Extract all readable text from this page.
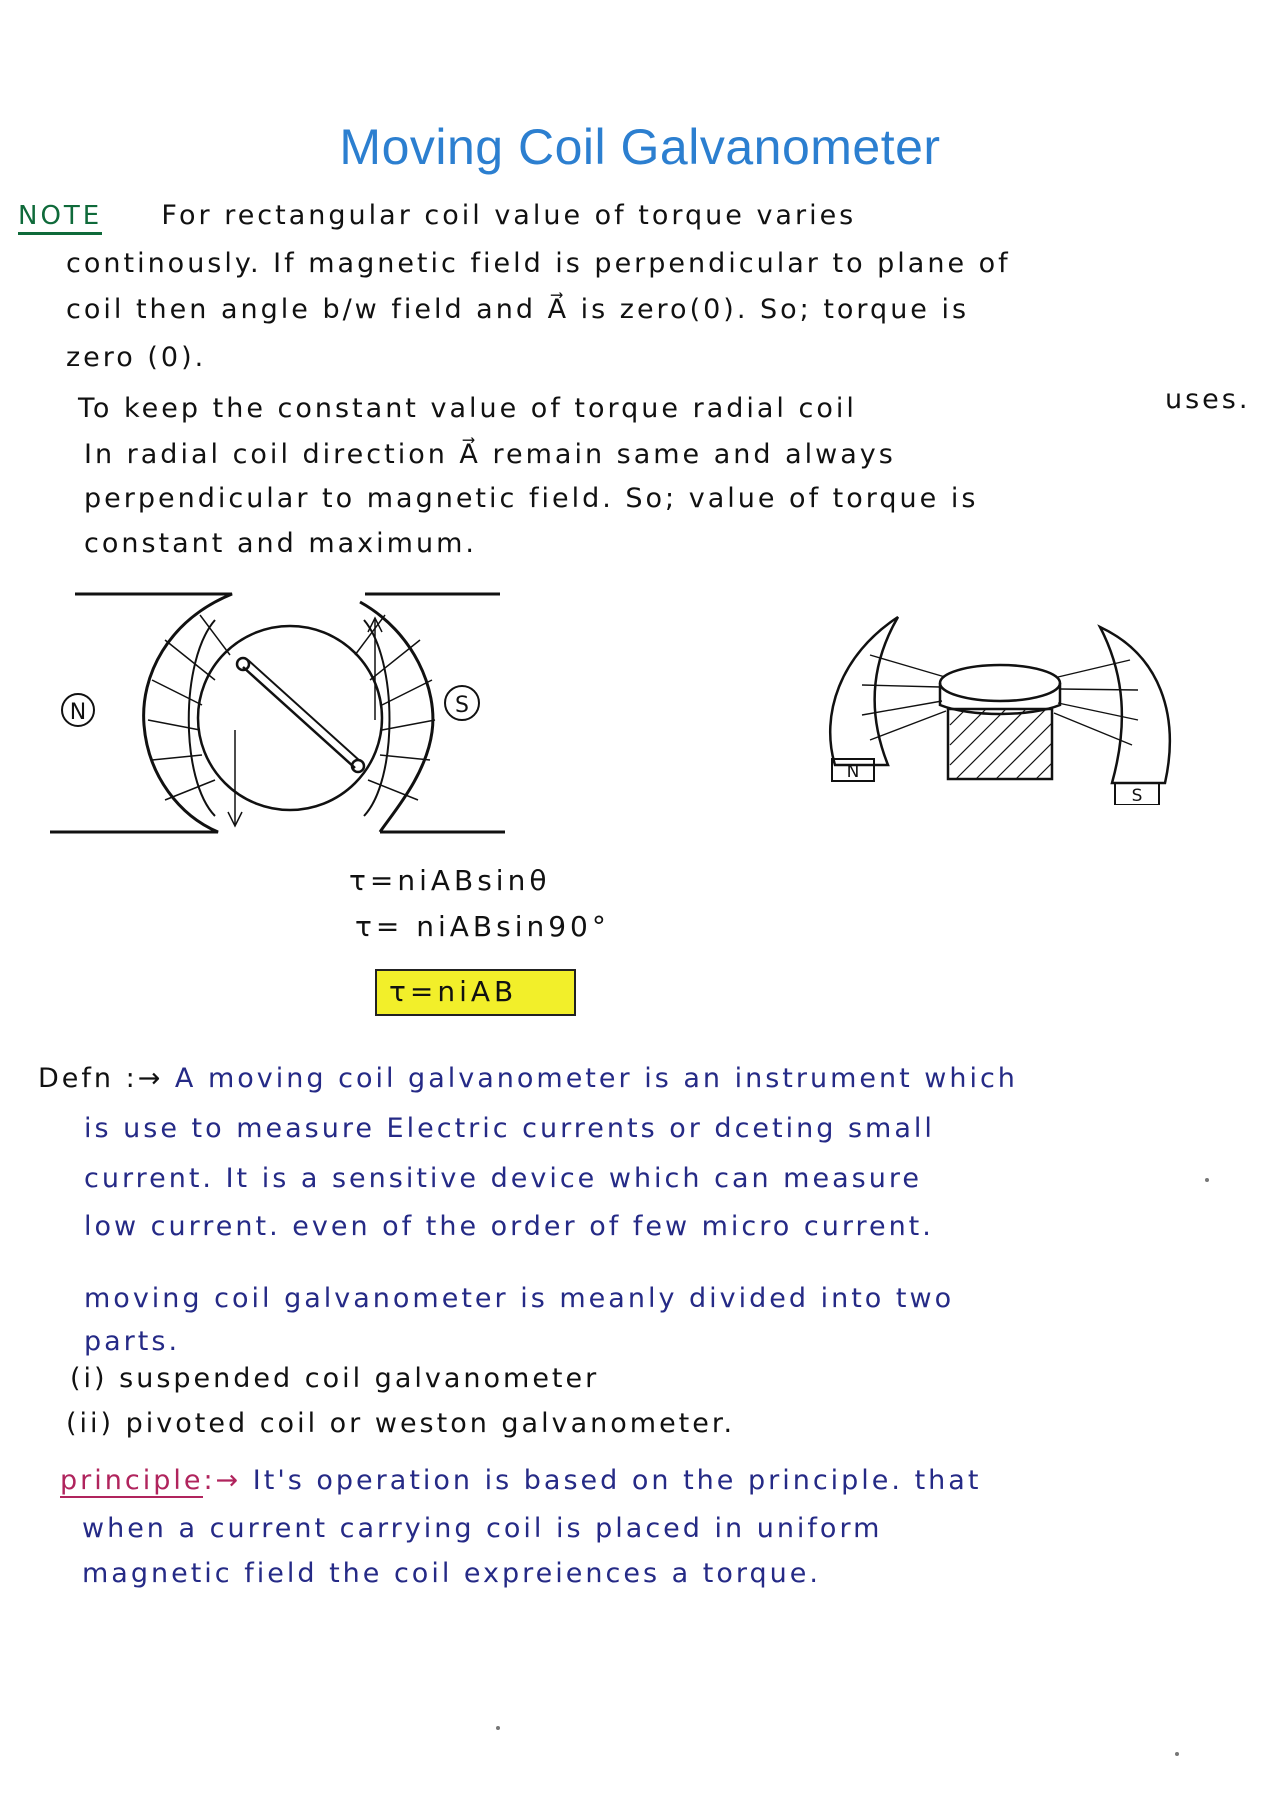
Moving Coil Galvanometer
NOTE For rectangular coil value of torque varies
continously. If magnetic field is perpendicular to plane of
coil then angle b/w field and A⃗ is zero(0). So; torque is
zero (0).
To keep the constant value of torque radial coil	uses.
In radial coil direction A⃗ remain same and always
perpendicular to magnetic field. So; value of torque is
constant and maximum.
N	S
N
S
τ=niABsinθ
τ= niABsin90°
τ=niAB
Defn :→ A moving coil galvanometer is an instrument which
is use to measure Electric currents or dceting small
current. It is a sensitive device which can measure
low current. even of the order of few micro current.
moving coil galvanometer is meanly divided into two
parts.
(i) suspended coil galvanometer
(ii) pivoted coil or weston galvanometer.
principle:→ It's operation is based on the principle. that
when a current carrying coil is placed in uniform
magnetic field the coil expreiences a torque.
